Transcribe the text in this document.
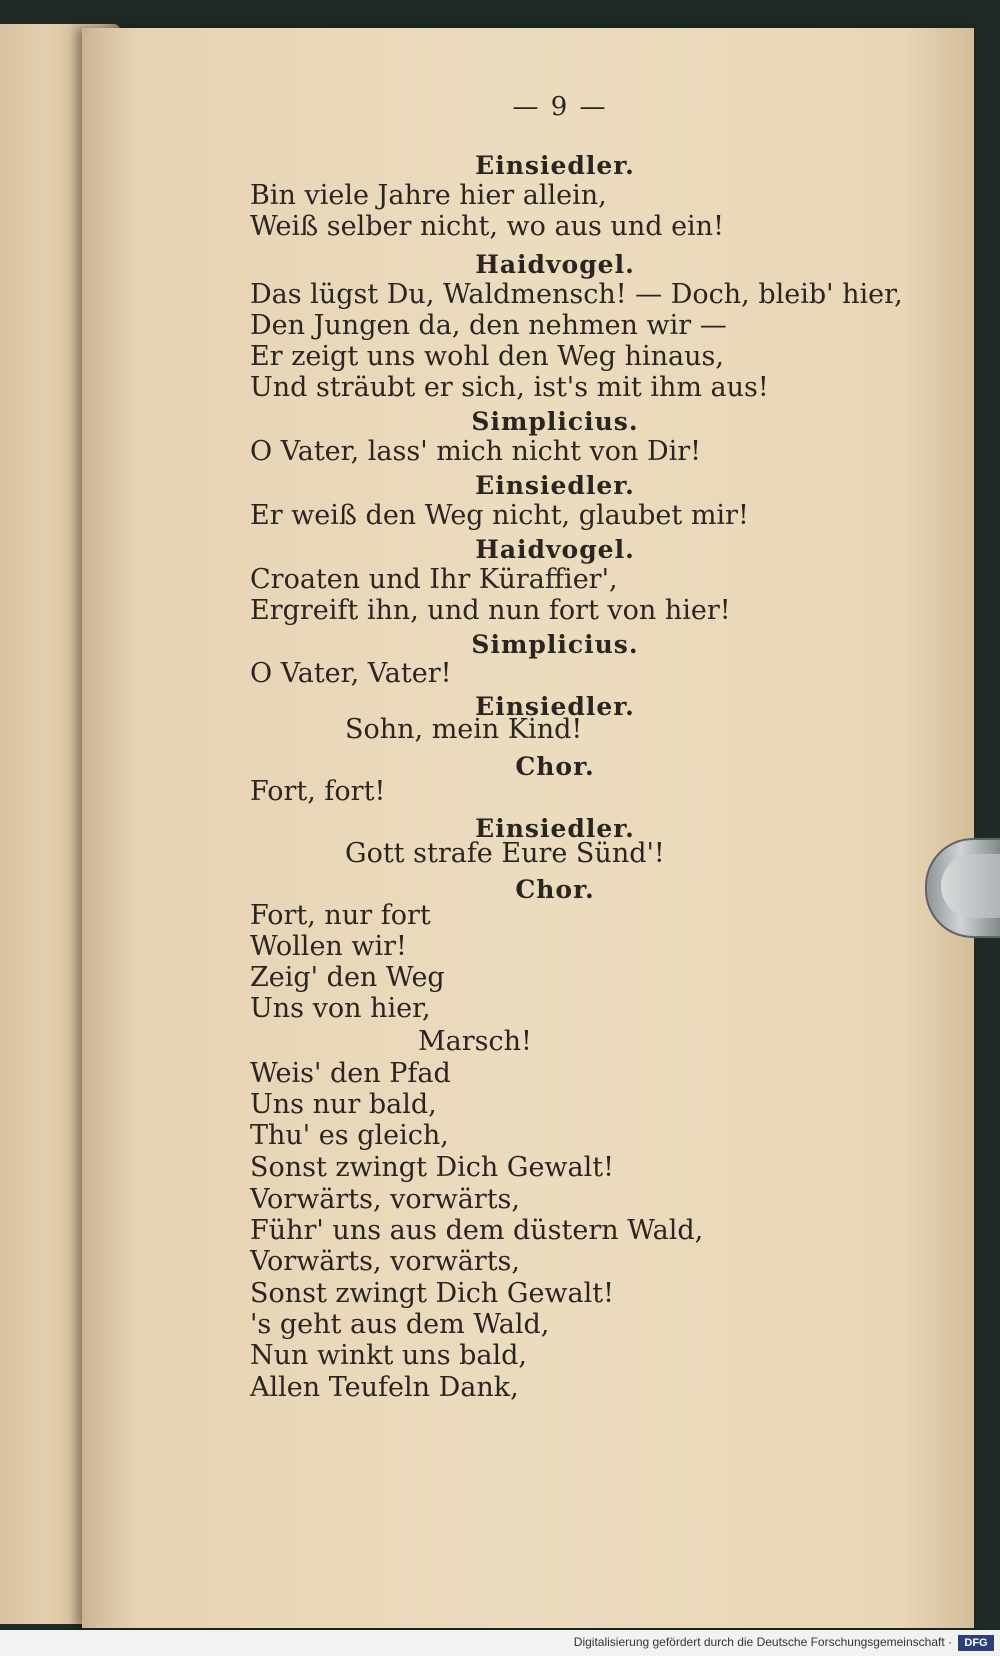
— 9 —
Einsiedler.
Bin viele Jahre hier allein,
Weiß selber nicht, wo aus und ein!
Haidvogel.
Das lügst Du, Waldmensch! — Doch, bleib' hier,
Den Jungen da, den nehmen wir —
Er zeigt uns wohl den Weg hinaus,
Und sträubt er sich, ist's mit ihm aus!
Simplicius.
O Vater, lass' mich nicht von Dir!
Einsiedler.
Er weiß den Weg nicht, glaubet mir!
Haidvogel.
Croaten und Ihr Küraffier',
Ergreift ihn, und nun fort von hier!
Simplicius.
O Vater, Vater!
Einsiedler.
Sohn, mein Kind!
Chor.
Fort, fort!
Einsiedler.
Gott strafe Eure Sünd'!
Chor.
Fort, nur fort
Wollen wir!
Zeig' den Weg
Uns von hier,
Marsch!
Weis' den Pfad
Uns nur bald,
Thu' es gleich,
Sonst zwingt Dich Gewalt!
Vorwärts, vorwärts,
Führ' uns aus dem düstern Wald,
Vorwärts, vorwärts,
Sonst zwingt Dich Gewalt!
's geht aus dem Wald,
Nun winkt uns bald,
Allen Teufeln Dank,
Digitalisierung gefördert durch die Deutsche Forschungsgemeinschaft ·	DFG
